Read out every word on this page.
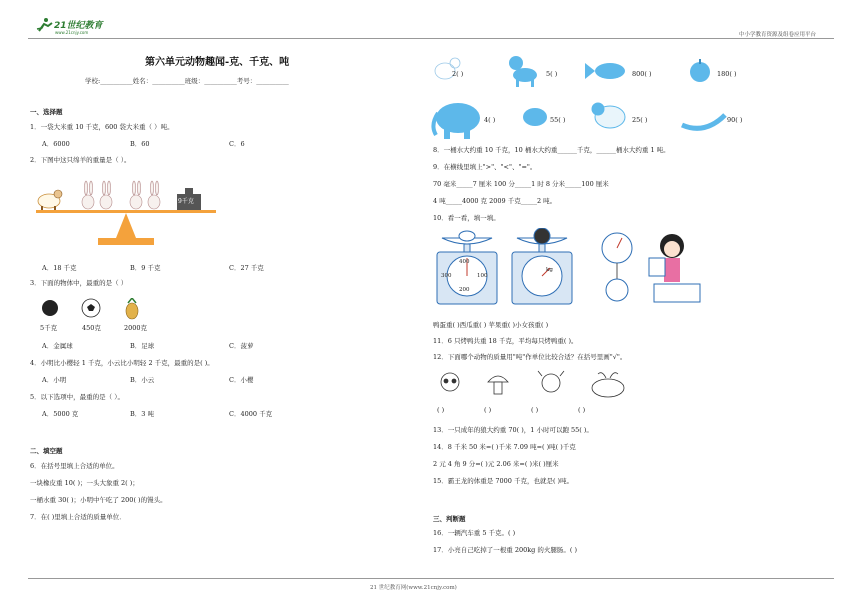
21世纪教育
www.21cnjy.com	中小学教育资源及组卷应用平台
第六单元动物趣闻-克、千克、吨
学校:__________姓名：__________班级：__________考号：__________
一、选择题
1．一袋大米重 10 千克，600 袋大米重（ ）吨。
A．6000	B．60	C．6
2．下图中这只绵羊的重量是（ ）。
9千克
A．18 千克	B．9 千克	C．27 千克
3．下面的物体中，最重的是（ ）
5千克	450克	2000克
A．金属球	B．足球	C．菠萝
4．小明比小樱轻 1 千克，小云比小明轻 2 千克，最重的是( )。
A．小明	B．小云	C．小樱
5．以下选项中，最重的是（ ）。
A．5000 克	B．3 吨	C．4000 千克
二、填空题
6．在括号里填上合适的单位。
一块橡皮重 10( )；一头大象重 2( )；
一桶水重 30( )；小明中午吃了 200( )的馒头。
7．在( )里填上合适的质量单位．
2( )	5( )	800( )	180( )
4( )	55( )	25( )	90( )
8．一桶水大约重 10 千克，10 桶水大约重______千克，______桶水大约重 1 吨。
9．在横线里填上">"、"<"、"="。
70 毫米_____7 厘米 100 分_____1 时 8 分米_____100 厘米
4 吨_____4000 克 2009 千克_____2 吨。
10．看一看，填一填。
400
300	100
200
kg
鸭蛋重( )西瓜重( ) 苹果重( )小女孩重( )
11．6 只烤鸭共重 18 千克，平均每只烤鸭重( )。
12．下面哪个动物的质量用"吨"作单位比较合适？在括号里画"√"。
( )	( )	( )	( )
13．一只成年的狼大约重 70( )，1 小时可以跑 55( )。
14．8 千米 50 米=( )千米 7.09 吨=( )吨( )千克
2 元 4 角 9 分=( )元 2.06 米=( )米( )厘米
15．霸王龙的体重是 7000 千克，也就是( )吨。
三、判断题
16．一辆汽车重 5 千克。( )
17．小亮自己吃掉了一根重 200kg 的火腿肠。( )
21 世纪教育网(www.21cnjy.com)
